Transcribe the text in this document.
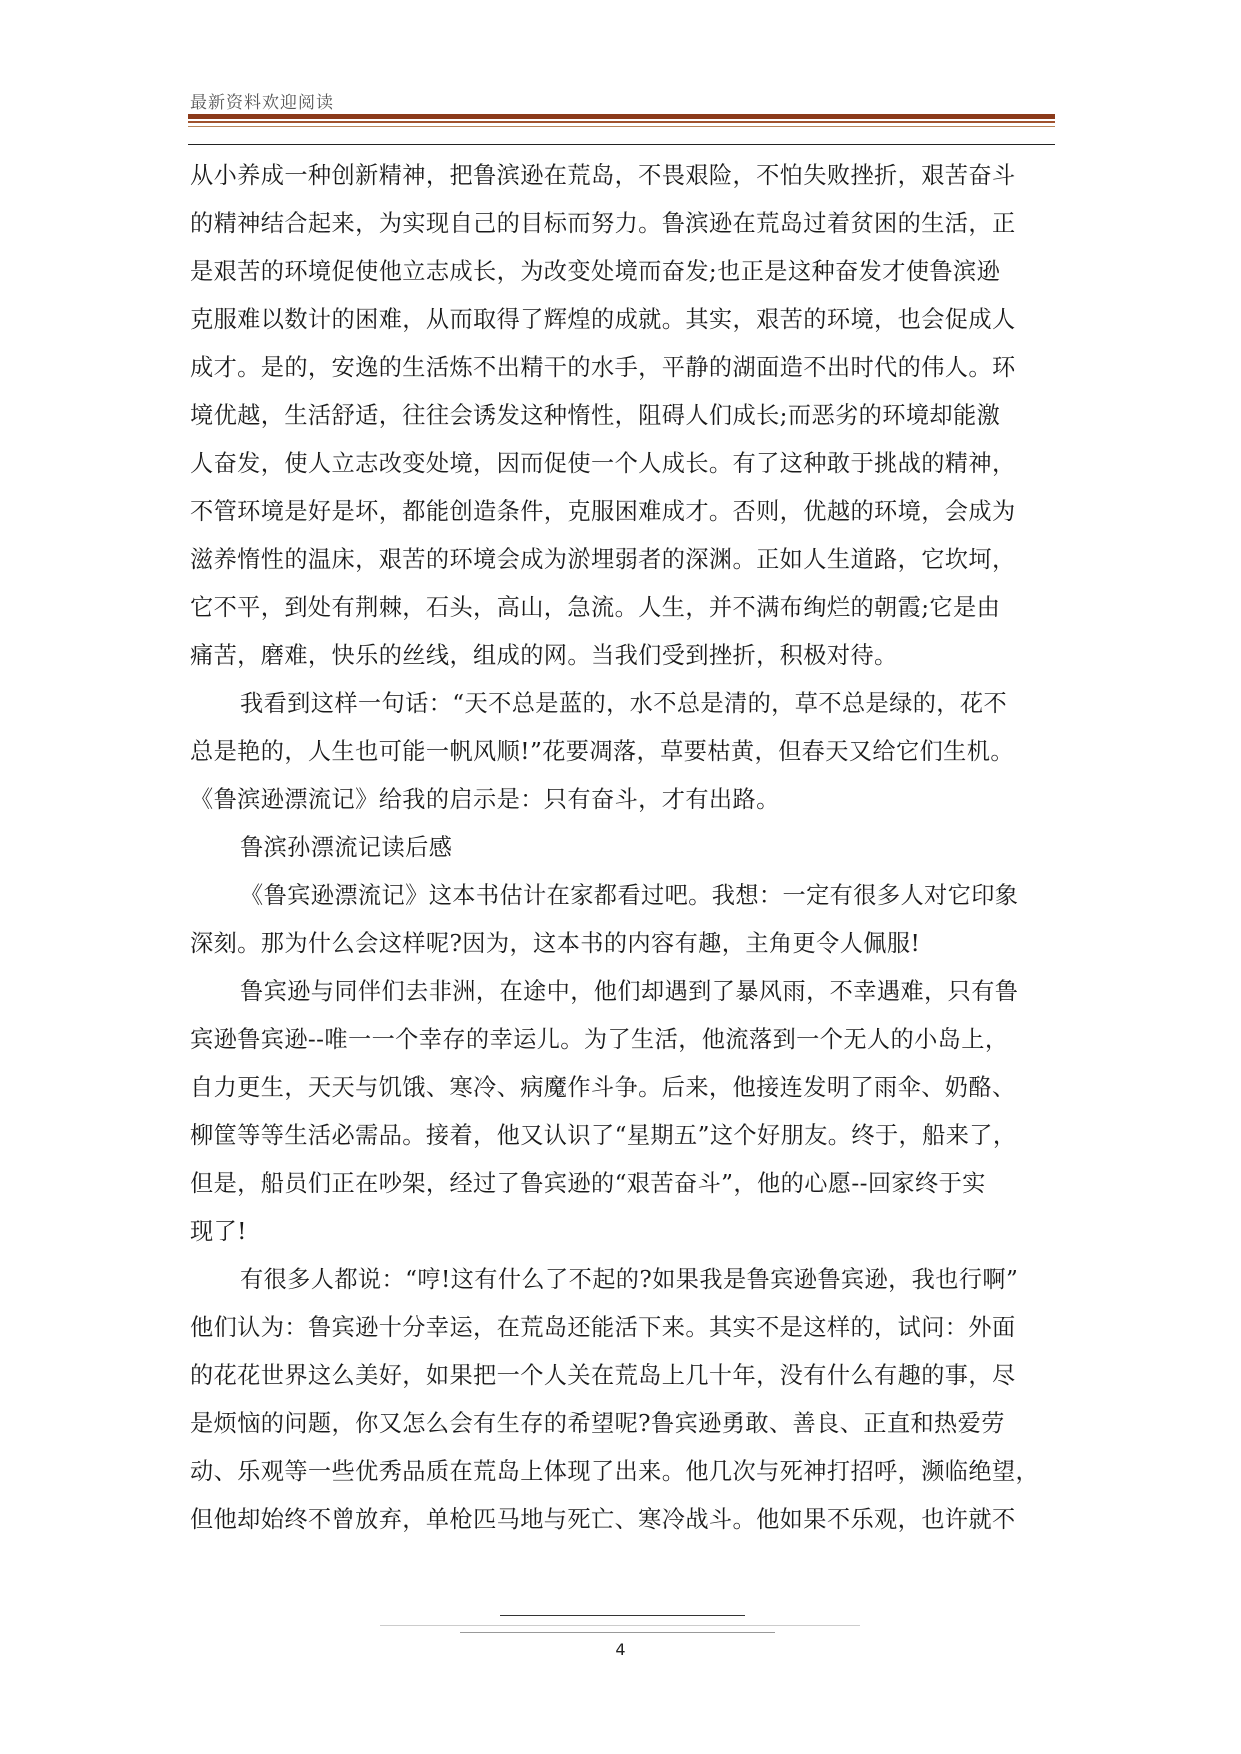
最新资料欢迎阅读
从小养成一种创新精神，把鲁滨逊在荒岛，不畏艰险，不怕失败挫折，艰苦奋斗
的精神结合起来，为实现自己的目标而努力。鲁滨逊在荒岛过着贫困的生活，正
是艰苦的环境促使他立志成长，为改变处境而奋发;也正是这种奋发才使鲁滨逊
克服难以数计的困难，从而取得了辉煌的成就。其实，艰苦的环境，也会促成人
成才。是的，安逸的生活炼不出精干的水手，平静的湖面造不出时代的伟人。环
境优越，生活舒适，往往会诱发这种惰性，阻碍人们成长;而恶劣的环境却能激
人奋发，使人立志改变处境，因而促使一个人成长。有了这种敢于挑战的精神，
不管环境是好是坏，都能创造条件，克服困难成才。否则，优越的环境，会成为
滋养惰性的温床，艰苦的环境会成为淤埋弱者的深渊。正如人生道路，它坎坷，
它不平，到处有荆棘，石头，高山，急流。人生，并不满布绚烂的朝霞;它是由
痛苦，磨难，快乐的丝线，组成的网。当我们受到挫折，积极对待。
我看到这样一句话：“天不总是蓝的，水不总是清的，草不总是绿的，花不
总是艳的，人生也可能一帆风顺!”花要凋落，草要枯黄，但春天又给它们生机。
《鲁滨逊漂流记》给我的启示是：只有奋斗，才有出路。
鲁滨孙漂流记读后感
《鲁宾逊漂流记》这本书估计在家都看过吧。我想：一定有很多人对它印象
深刻。那为什么会这样呢?因为，这本书的内容有趣，主角更令人佩服!
鲁宾逊与同伴们去非洲，在途中，他们却遇到了暴风雨，不幸遇难，只有鲁
宾逊鲁宾逊--唯一一个幸存的幸运儿。为了生活，他流落到一个无人的小岛上，
自力更生，天天与饥饿、寒冷、病魔作斗争。后来，他接连发明了雨伞、奶酪、
柳筐等等生活必需品。接着，他又认识了“星期五”这个好朋友。终于，船来了，
但是，船员们正在吵架，经过了鲁宾逊的“艰苦奋斗”，他的心愿--回家终于实
现了!
有很多人都说：“哼!这有什么了不起的?如果我是鲁宾逊鲁宾逊，我也行啊”
他们认为：鲁宾逊十分幸运，在荒岛还能活下来。其实不是这样的，试问：外面
的花花世界这么美好，如果把一个人关在荒岛上几十年，没有什么有趣的事，尽
是烦恼的问题，你又怎么会有生存的希望呢?鲁宾逊勇敢、善良、正直和热爱劳
动、乐观等一些优秀品质在荒岛上体现了出来。他几次与死神打招呼，濒临绝望，
但他却始终不曾放弃，单枪匹马地与死亡、寒冷战斗。他如果不乐观，也许就不
4
